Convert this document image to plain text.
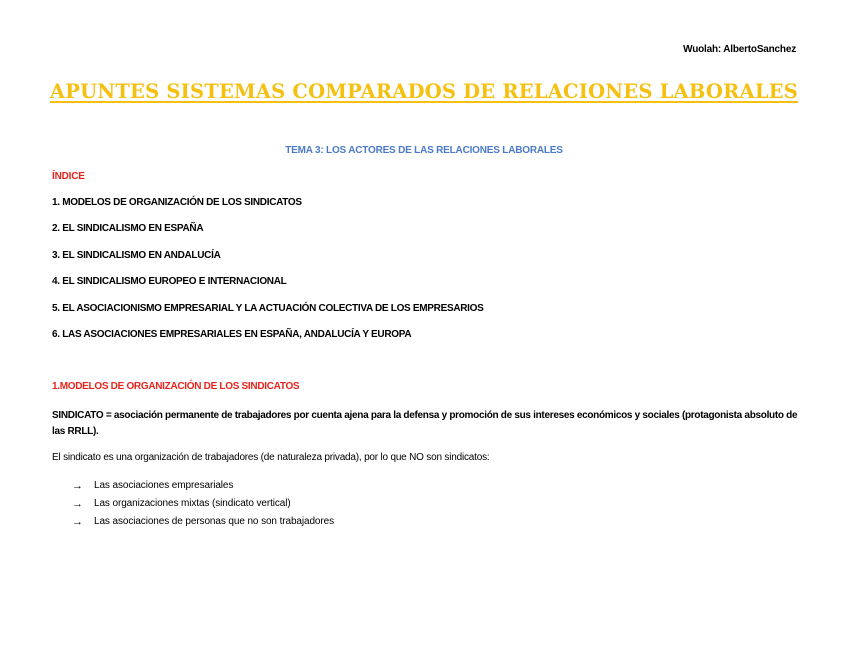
Wuolah: AlbertoSanchez
APUNTES SISTEMAS COMPARADOS DE RELACIONES LABORALES
TEMA 3: LOS ACTORES DE LAS RELACIONES LABORALES
ÍNDICE
1. MODELOS DE ORGANIZACIÓN DE LOS SINDICATOS
2. EL SINDICALISMO EN ESPAÑA
3. EL SINDICALISMO EN ANDALUCÍA
4. EL SINDICALISMO EUROPEO E INTERNACIONAL
5. EL ASOCIACIONISMO EMPRESARIAL Y LA ACTUACIÓN COLECTIVA DE LOS EMPRESARIOS
6. LAS ASOCIACIONES EMPRESARIALES EN ESPAÑA, ANDALUCÍA Y EUROPA
1.MODELOS DE ORGANIZACIÓN DE LOS SINDICATOS
SINDICATO = asociación permanente de trabajadores por cuenta ajena para la defensa y promoción de sus intereses económicos y sociales (protagonista absoluto de las RRLL).
El sindicato es una organización de trabajadores (de naturaleza privada), por lo que NO son sindicatos:
→	Las asociaciones empresariales
→	Las organizaciones mixtas (sindicato vertical)
→	Las asociaciones de personas que no son trabajadores
